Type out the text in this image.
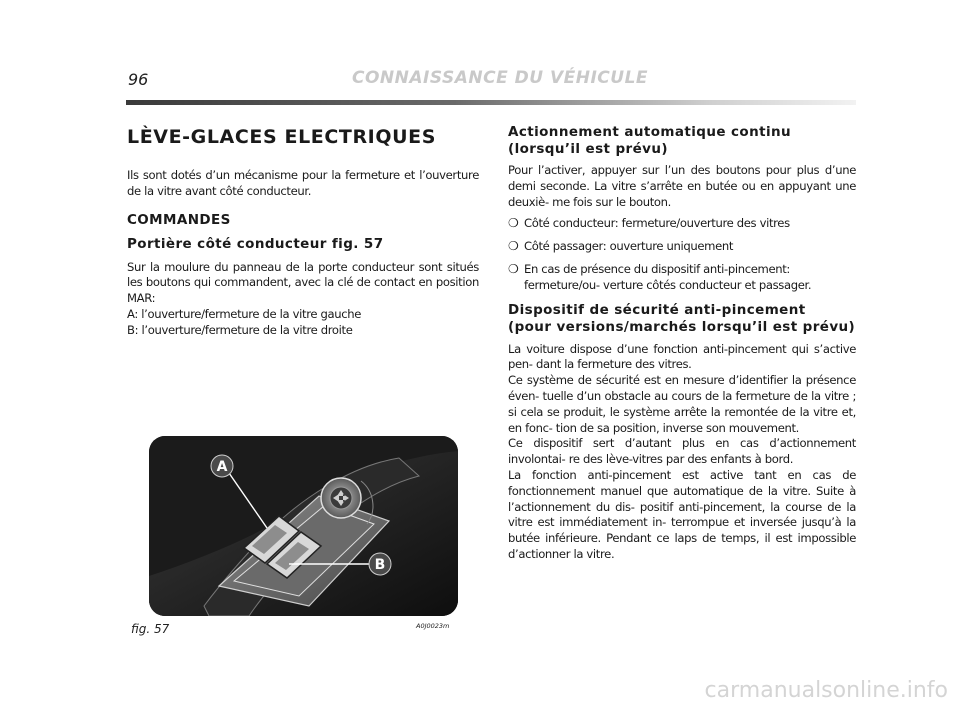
96	CONNAISSANCE DU VÉHICULE
LÈVE-GLACES ELECTRIQUES

Ils sont dotés d’un mécanisme pour la fermeture et l’ouverture de la vitre avant côté conducteur.

COMMANDES
Portière côté conducteur fig. 57

Sur la moulure du panneau de la porte conducteur sont situés les boutons qui commandent, avec la clé de contact en position MAR:

A: l’ouverture/fermeture de la vitre gauche

B: l’ouverture/fermeture de la vitre droite

A
B
fig. 57	A0J0023m
Actionnement automatique continu
(lorsqu’il est prévu)

Pour l’activer, appuyer sur l’un des boutons pour plus d’une demi seconde. La vitre s’arrête en butée ou en appuyant une deuxiè- me fois sur le bouton.

❍ Côté conducteur: fermeture/ouverture des vitres
❍ Côté passager: ouverture uniquement
❍ En cas de présence du dispositif anti-pincement: fermeture/ou- verture côtés conducteur et passager.
Dispositif de sécurité anti-pincement
(pour versions/marchés lorsqu’il est prévu)

La voiture dispose d’une fonction anti-pincement qui s’active pen- dant la fermeture des vitres.

Ce système de sécurité est en mesure d’identifier la présence éven- tuelle d’un obstacle au cours de la fermeture de la vitre ; si cela se produit, le système arrête la remontée de la vitre et, en fonc- tion de sa position, inverse son mouvement.

Ce dispositif sert d’autant plus en cas d’actionnement involontai- re des lève-vitres par des enfants à bord.

La fonction anti-pincement est active tant en cas de fonctionnement manuel que automatique de la vitre. Suite à l’actionnement du dis- positif anti-pincement, la course de la vitre est immédiatement in- terrompue et inversée jusqu’à la butée inférieure. Pendant ce laps de temps, il est impossible d’actionner la vitre.

carmanualsonline.info
